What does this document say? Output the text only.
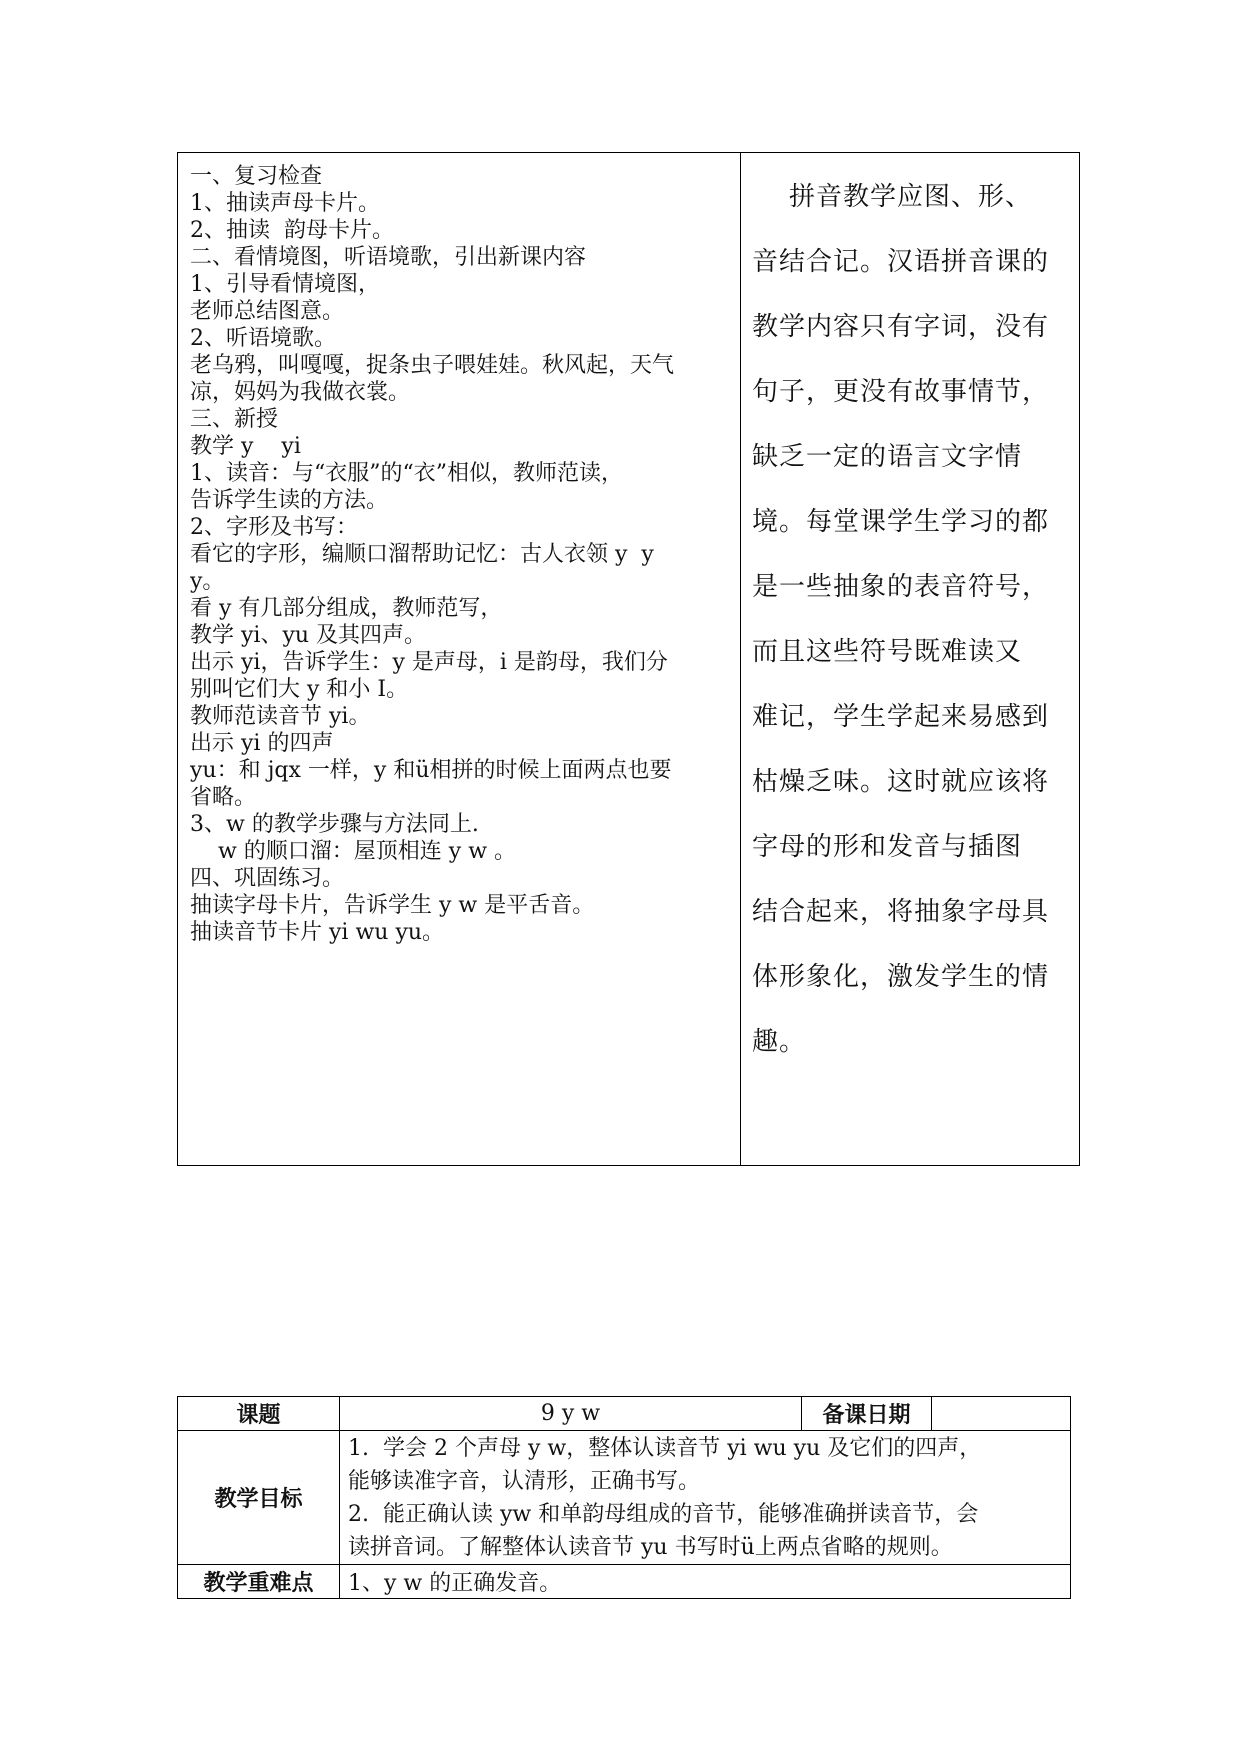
一、复习检查
1、抽读声母卡片。
2、抽读  韵母卡片。
二、看情境图，听语境歌，引出新课内容
1、引导看情境图，
老师总结图意。
2、听语境歌。
老乌鸦，叫嘎嘎，捉条虫子喂娃娃。秋风起，天气
凉，妈妈为我做衣裳。
三、新授
教学 y    yi
1、读音：与“衣服”的“衣”相似，教师范读，
告诉学生读的方法。
2、字形及书写：
看它的字形，编顺口溜帮助记忆：古人衣领 y  y
y。
看 y 有几部分组成，教师范写，
教学 yi、yu 及其四声。
出示 yi，告诉学生：y 是声母，i 是韵母，我们分
别叫它们大 y 和小 I。
教师范读音节 yi。
出示 yi 的四声
yu：和 jqx 一样，y 和ü相拼的时候上面两点也要
省略。
3、w 的教学步骤与方法同上.
w 的顺口溜：屋顶相连 y w 。
四、巩固练习。
抽读字母卡片，告诉学生 y w 是平舌音。
抽读音节卡片 yi wu yu。
拼音教学应图、形、
音结合记。汉语拼音课的
教学内容只有字词，没有
句子，更没有故事情节，
缺乏一定的语言文字情
境。每堂课学生学习的都
是一些抽象的表音符号，
而且这些符号既难读又
难记，学生学起来易感到
枯燥乏味。这时就应该将
字母的形和发音与插图
结合起来，将抽象字母具
体形象化，激发学生的情
趣。
课题	9 y w	备课日期	
教学目标	1.  学会 2 个声母 y w，整体认读音节 yi wu yu 及它们的四声，
能够读准字音，认清形，正确书写。
2.  能正确认读 yw 和单韵母组成的音节，能够准确拼读音节，会
读拼音词。了解整体认读音节 yu 书写时ü上两点省略的规则。		

教学重难点	1、y w 的正确发音。		
